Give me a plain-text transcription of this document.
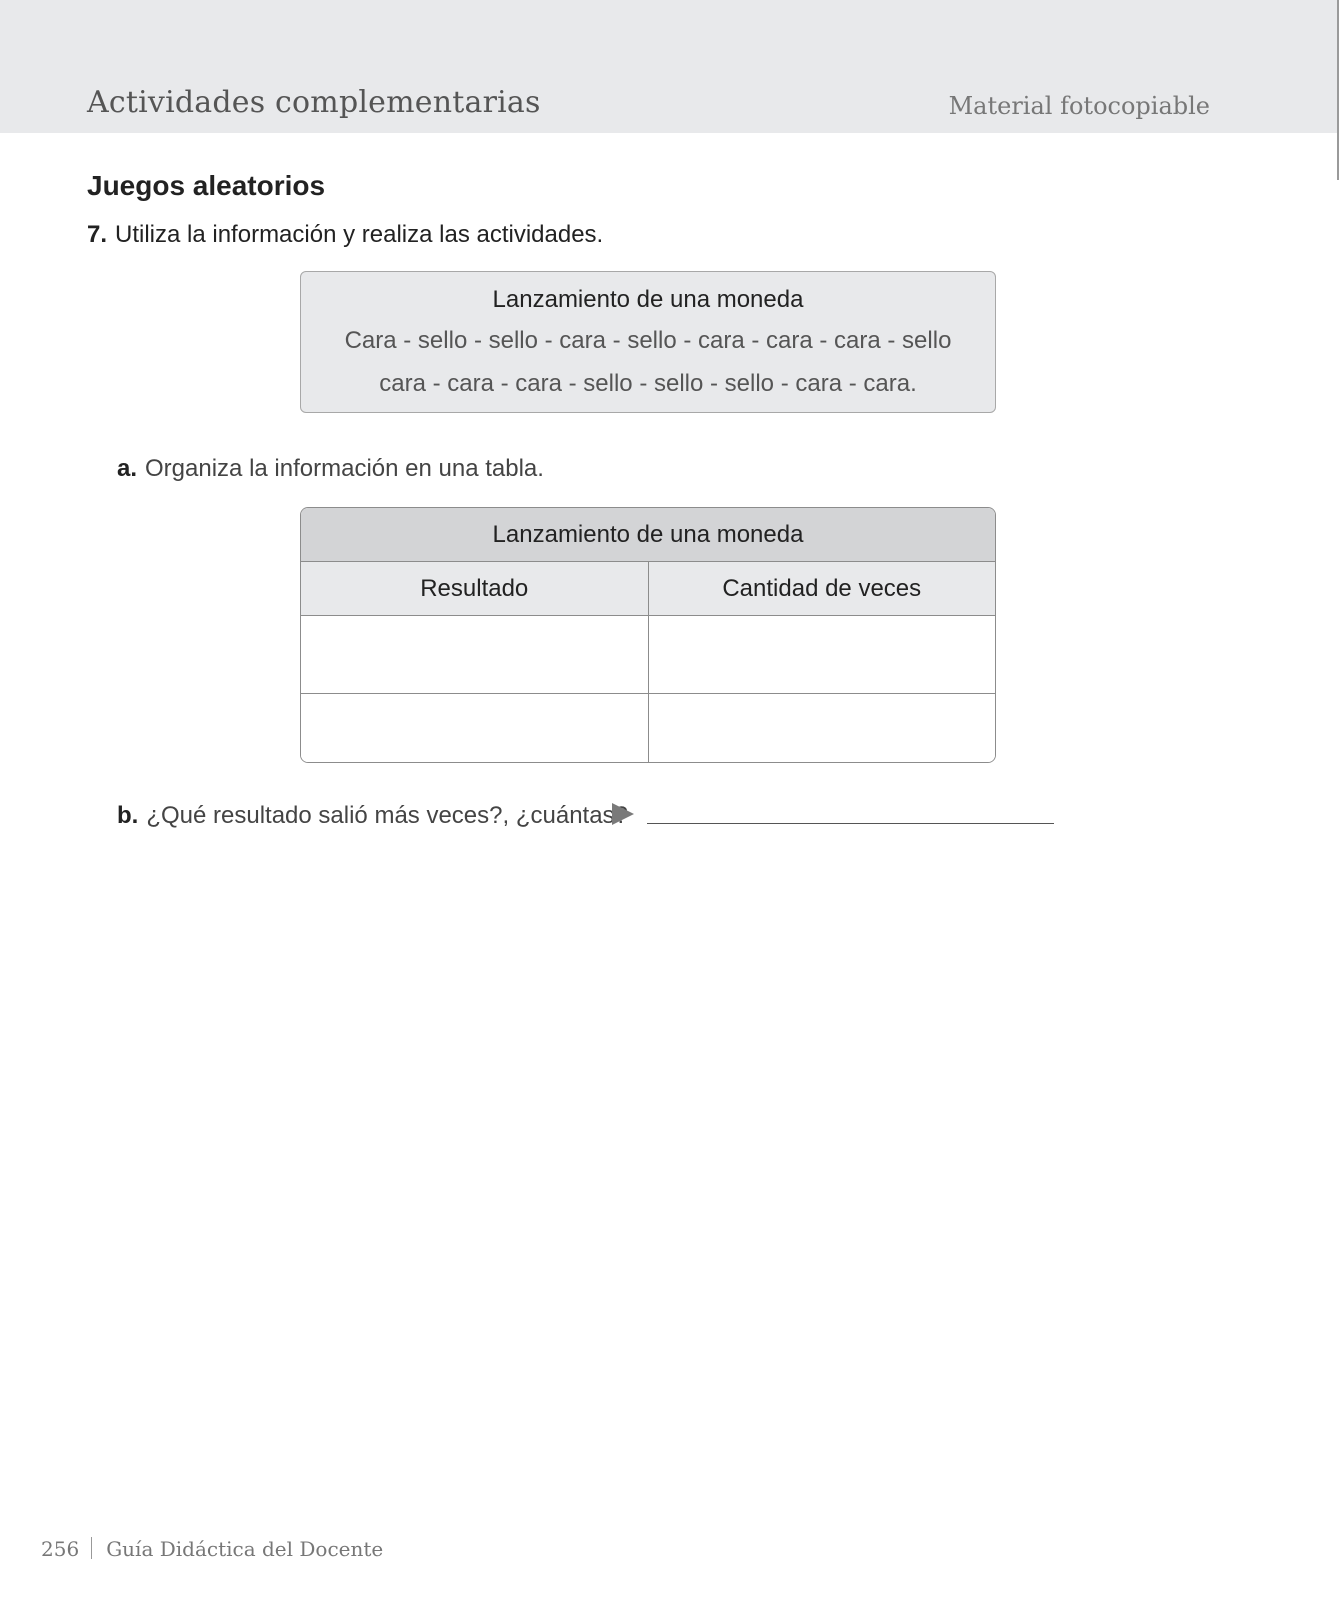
Actividades complementarias	Material fotocopiable
Juegos aleatorios
7. Utiliza la información y realiza las actividades.
Lanzamiento de una moneda
Cara - sello - sello - cara - sello - cara - cara - cara - sello
cara - cara - cara - sello - sello - sello - cara - cara.
a. Organiza la información en una tabla.
Lanzamiento de una moneda	
Resultado	Cantidad de veces

b. ¿Qué resultado salió más veces?, ¿cuántas?
256 Guía Didáctica del Docente
